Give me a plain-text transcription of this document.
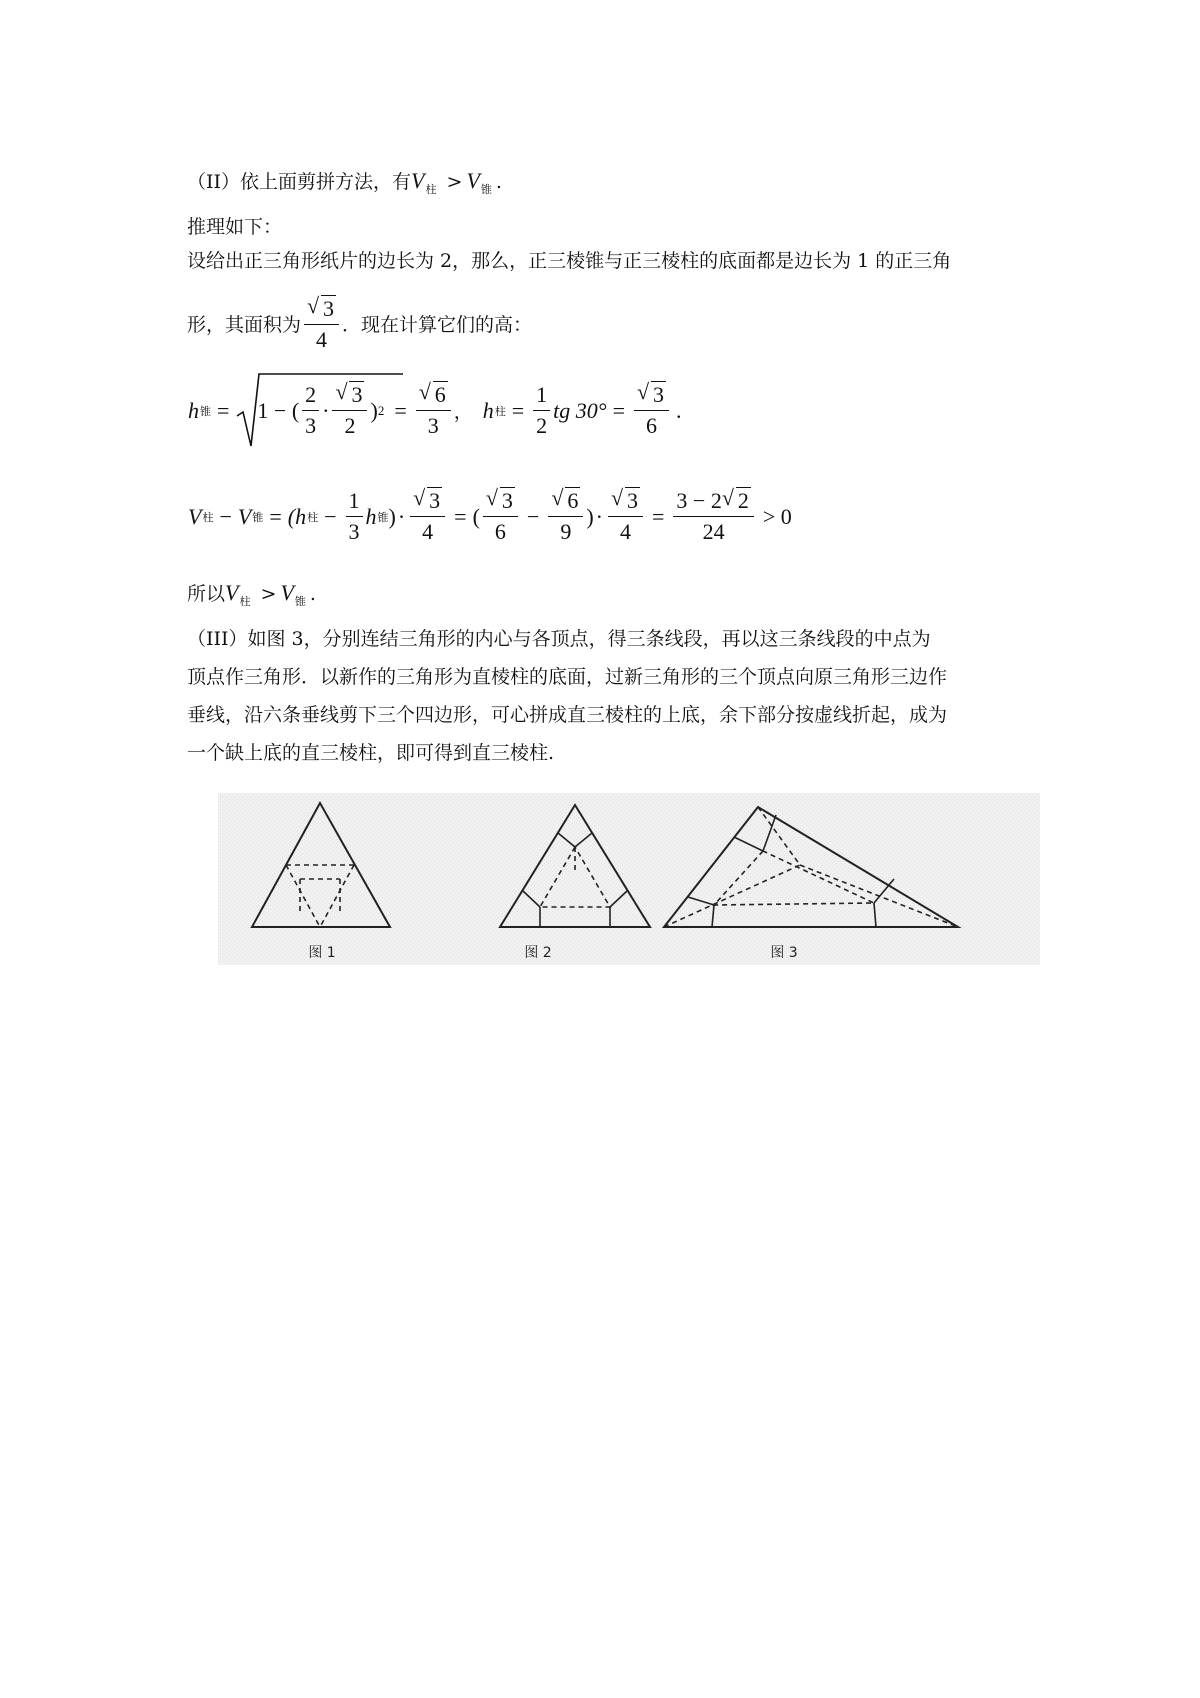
（II）依上面剪拼方法，有$V_柱 > V_锥$ .
推理如下：
设给出正三角形纸片的边长为 2，那么，正三棱锥与正三棱柱的底面都是边长为 1 的正三角
形，其面积为 √ $\frac{3}{4}$ ．现在计算它们的高：
h 锥 = 1 − ( $\frac{2}{3}$ · √ $\frac{3}{2}$ ) 2 = √ $\frac{6}{3}$ ， h 柱 = $\frac{1}{2}$ tg 30° = √ $\frac{3}{6}$ .
V 柱 − V 锥 = (h 柱 − $\frac{1}{3}$ h 锥 ) · √ $\frac{3}{4}$ = ( √ $\frac{3}{6}$ − √ $\frac{6}{9}$ ) · √ $\frac{3}{4} = \frac{3 - 2 √ 2}{24} > 0$
所以$V_柱 > V_锥$ .
（III）如图 3，分别连结三角形的内心与各顶点，得三条线段，再以这三条线段的中点为
顶点作三角形．以新作的三角形为直棱柱的底面，过新三角形的三个顶点向原三角形三边作
垂线，沿六条垂线剪下三个四边形，可心拼成直三棱柱的上底，余下部分按虚线折起，成为
一个缺上底的直三棱柱，即可得到直三棱柱.
图 1	图 2	图 3
